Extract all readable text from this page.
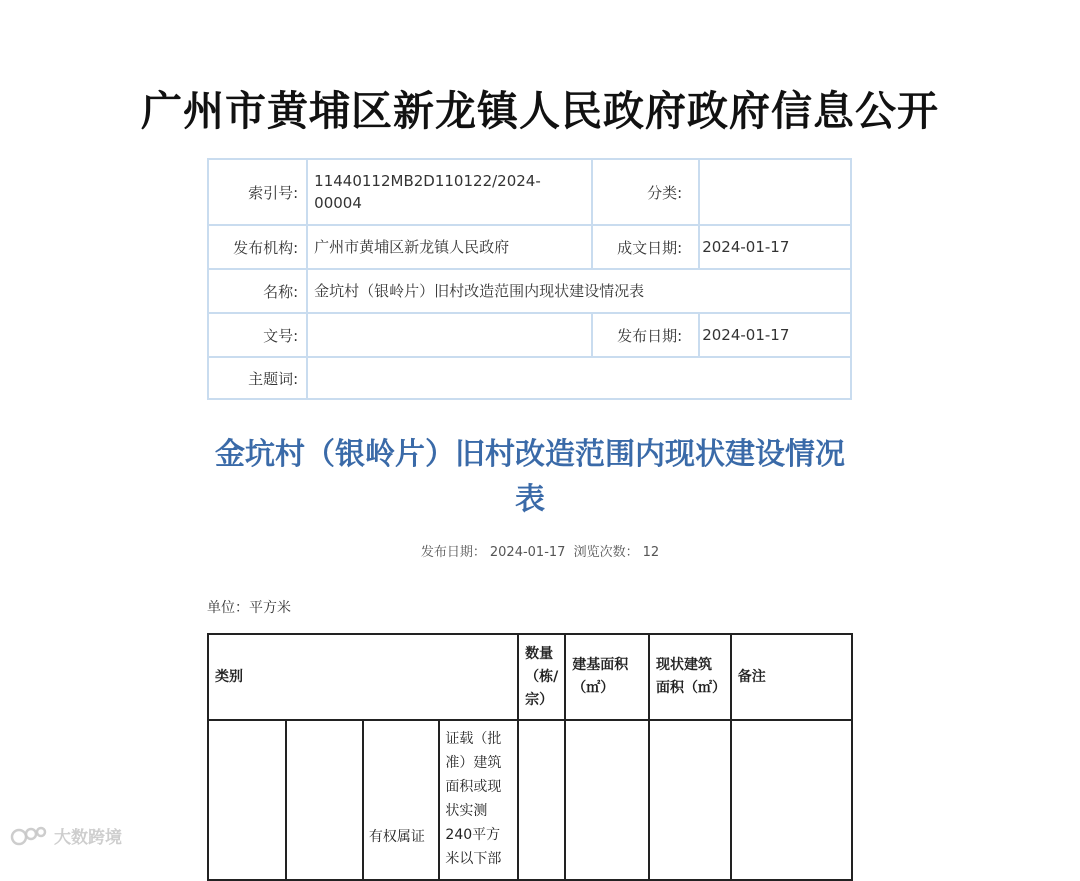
广州市黄埔区新龙镇人民政府政府信息公开
索引号:	11440112MB2D110122/2024-00004	分类:	
发布机构:	广州市黄埔区新龙镇人民政府	成文日期:	2024-01-17
名称:	金坑村（银岭片）旧村改造范围内现状建设情况表		
文号:		发布日期:	2024-01-17
主题词:			
金坑村（银岭片）旧村改造范围内现状建设情况表
发布日期： 2024-01-17 浏览次数： 12
单位：平方米
类别				数量（栋/宗）	建基面积（㎡）	现状建筑面积（㎡）	备注
		有权属证	证载（批准）建筑面积或现状实测240平方米以下部				
大数跨境
